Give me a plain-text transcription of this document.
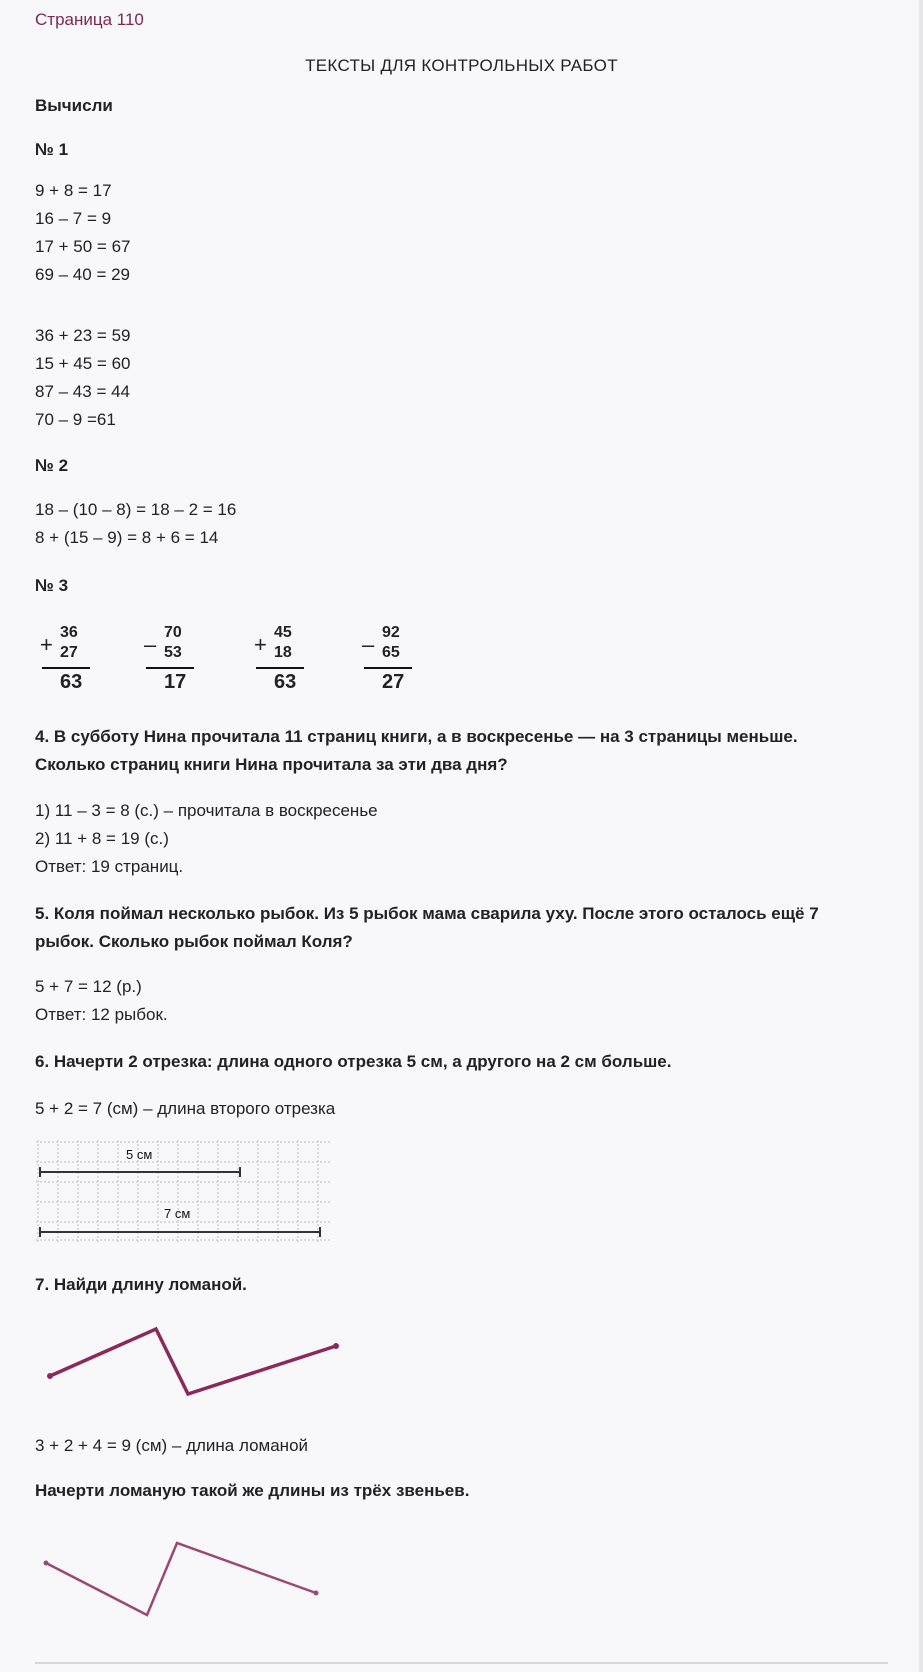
Страница 110
ТЕКСТЫ ДЛЯ КОНТРОЛЬНЫХ РАБОТ
Вычисли
№ 1
9 + 8 = 17
16 – 7 = 9
17 + 50 = 67
69 – 40 = 29
36 + 23 = 59
15 + 45 = 60
87 – 43 = 44
70 – 9 =61
№ 2
18 – (10 – 8) = 18 – 2 = 16
8 + (15 – 9) = 8 + 6 = 14
№ 3
+ 36
27
63
– 70
53
17
+ 45
18
63
– 92
65
27
4. В субботу Нина прочитала 11 страниц книги, а в воскресенье — на 3 страницы меньше.
Сколько страниц книги Нина прочитала за эти два дня?
1) 11 – 3 = 8 (с.) – прочитала в воскресенье
2) 11 + 8 = 19 (с.)
Ответ: 19 страниц.
5. Коля поймал несколько рыбок. Из 5 рыбок мама сварила уху. После этого осталось ещё 7
рыбок. Сколько рыбок поймал Коля?
5 + 7 = 12 (р.)
Ответ: 12 рыбок.
6. Начерти 2 отрезка: длина одного отрезка 5 см, а другого на 2 см больше.
5 + 2 = 7 (см) – длина второго отрезка
5 см
7 см
7. Найди длину ломаной.
3 + 2 + 4 = 9 (см) – длина ломаной
Начерти ломаную такой же длины из трёх звеньев.
